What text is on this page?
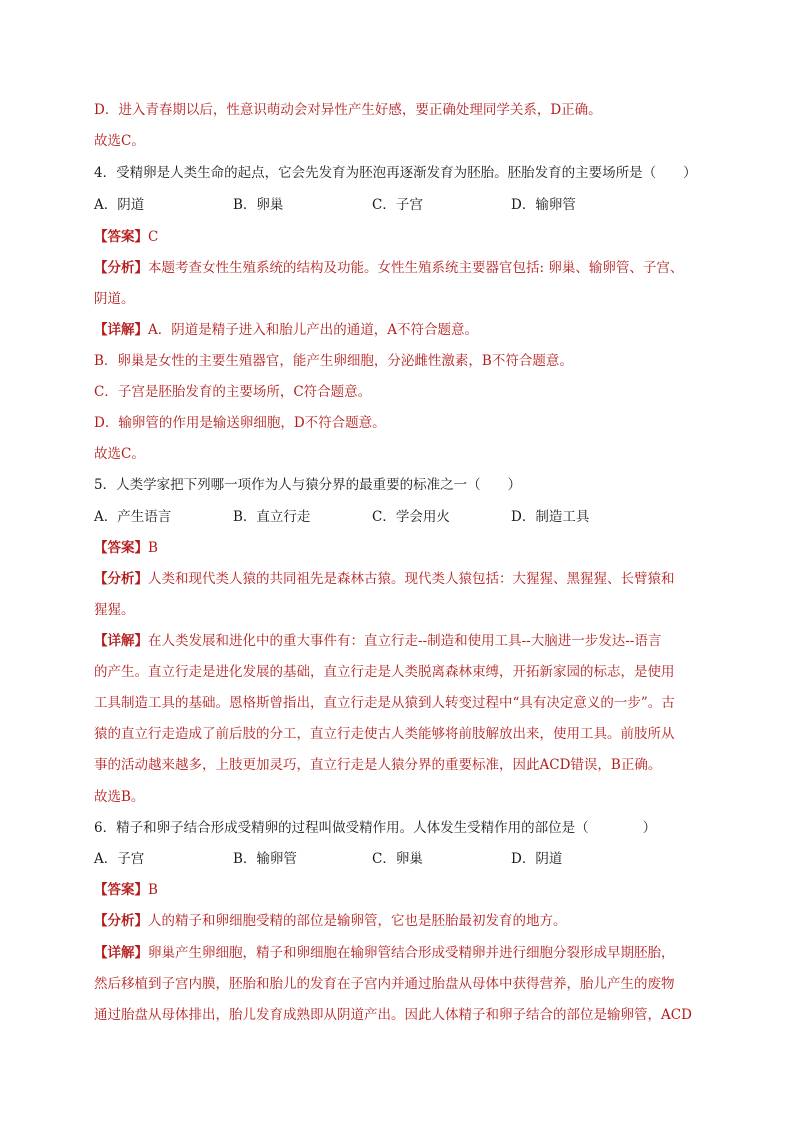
D．进入青春期以后，性意识萌动会对异性产生好感，要正确处理同学关系，D正确。
故选C。
4．受精卵是人类生命的起点，它会先发育为胚泡再逐渐发育为胚胎。胚胎发育的主要场所是（　　）
A．阴道	B．卵巢	C．子宫	D．输卵管
【答案】C
【分析】本题考查女性生殖系统的结构及功能。女性生殖系统主要器官包括: 卵巢、输卵管、子宫、
阴道。
【详解】A．阴道是精子进入和胎儿产出的通道，A不符合题意。
B．卵巢是女性的主要生殖器官，能产生卵细胞，分泌雌性激素，B不符合题意。
C．子宫是胚胎发育的主要场所，C符合题意。
D．输卵管的作用是输送卵细胞，D不符合题意。
故选C。
5．人类学家把下列哪一项作为人与猿分界的最重要的标准之一（　　）
A．产生语言	B．直立行走	C．学会用火	D．制造工具
【答案】B
【分析】人类和现代类人猿的共同祖先是森林古猿。现代类人猿包括：大猩猩、黑猩猩、长臂猿和
猩猩。
【详解】在人类发展和进化中的重大事件有：直立行走--制造和使用工具--大脑进一步发达--语言
的产生。直立行走是进化发展的基础，直立行走是人类脱离森林束缚，开拓新家园的标志，是使用
工具制造工具的基础。恩格斯曾指出，直立行走是从猿到人转变过程中“具有决定意义的一步”。古
猿的直立行走造成了前后肢的分工，直立行走使古人类能够将前肢解放出来，使用工具。前肢所从
事的活动越来越多，上肢更加灵巧，直立行走是人猿分界的重要标准，因此ACD错误，B正确。
故选B。
6．精子和卵子结合形成受精卵的过程叫做受精作用。人体发生受精作用的部位是（　　　　）
A．子宫	B．输卵管	C．卵巢	D．阴道
【答案】B
【分析】人的精子和卵细胞受精的部位是输卵管，它也是胚胎最初发育的地方。
【详解】卵巢产生卵细胞，精子和卵细胞在输卵管结合形成受精卵并进行细胞分裂形成早期胚胎，
然后移植到子宫内膜，胚胎和胎儿的发育在子宫内并通过胎盘从母体中获得营养，胎儿产生的废物
通过胎盘从母体排出，胎儿发育成熟即从阴道产出。因此人体精子和卵子结合的部位是输卵管，ACD
